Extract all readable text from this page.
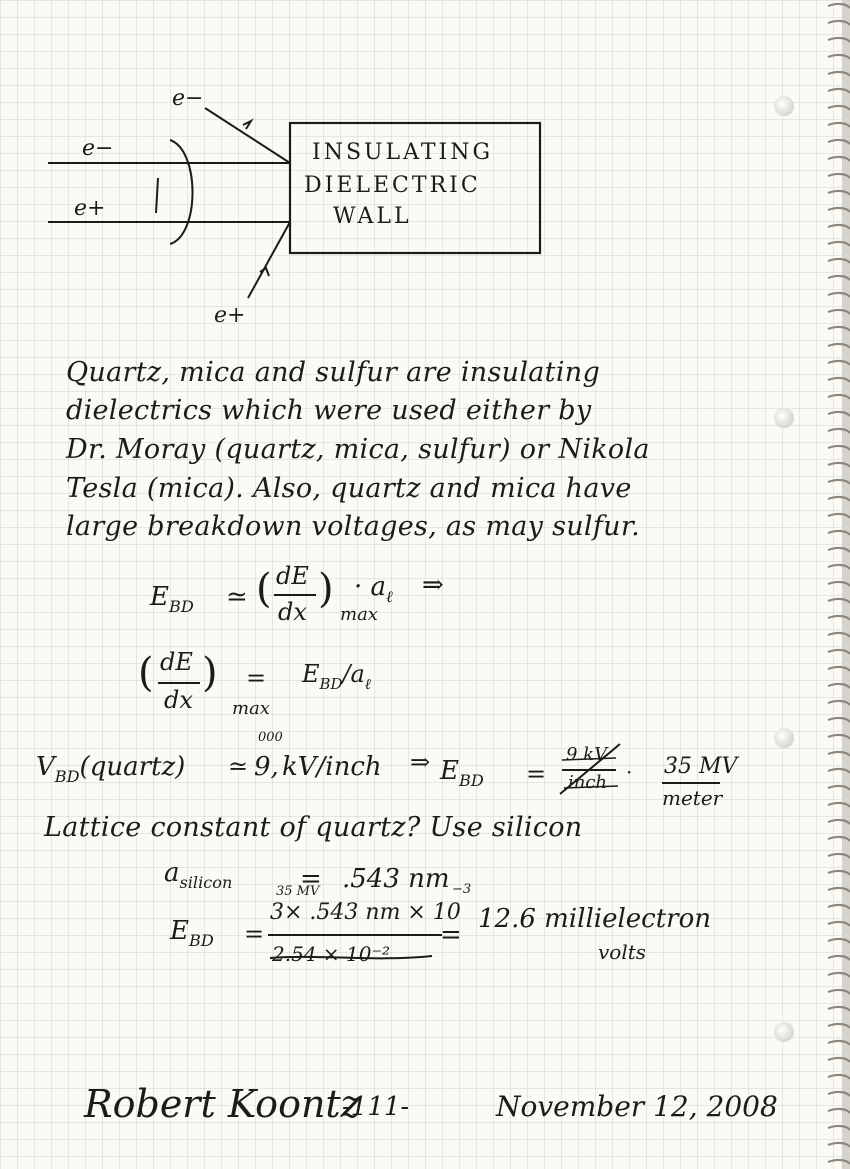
INSULATING
DIELECTRIC
WALL
e−
e+
e−
e+
Quartz, mica and sulfur are insulating
dielectrics which were used either by
Dr. Moray (quartz, mica, sulfur) or Nikola
Tesla (mica). Also, quartz and mica have
large breakdown voltages, as may sulfur.
$E_{BD}$ ≃ ( dE
dx )
max
· $a_\ell$ ⇒
( dE
dx
)
max
= $E_{BD}/a_\ell$
$V_{BD}(quartz)$ ≃ 9,
000
kV/inch ⇒ $E_{BD}$ =
9 kV
inch · 35 MV
meter
Lattice constant of quartz? Use silicon
$a_{silicon}$	= .543 nm
$E_{BD}$ =
35 MV
3× .543 nm × 10
−3
2.54 × 10⁻²
=
12.6 millielectron
volts
Robert Koontz
-111-	November 12, 2008
